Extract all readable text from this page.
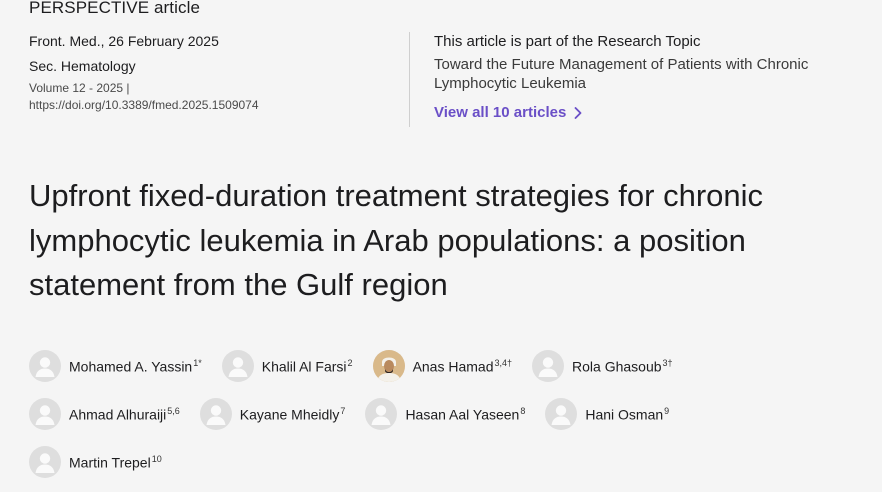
PERSPECTIVE article
Front. Med., 26 February 2025
Sec. Hematology
Volume 12 - 2025 |
https://doi.org/10.3389/fmed.2025.1509074
This article is part of the Research Topic
Toward the Future Management of Patients with Chronic Lymphocytic Leukemia
View all 10 articles
Upfront fixed-duration treatment strategies for chronic lymphocytic leukemia in Arab populations: a position statement from the Gulf region
Mohamed A. Yassin$^{1*}$	Khalil Al Farsi$^2$	Anas Hamad$^{3,4\dagger}$	Rola Ghasoub$^{3\dagger}$
Ahmad Alhuraiji$^{5,6}$	Kayane Mheidly$^7$	Hasan Aal Yaseen$^8$	Hani Osman$^9$
Martin Trepel$^{10}$
